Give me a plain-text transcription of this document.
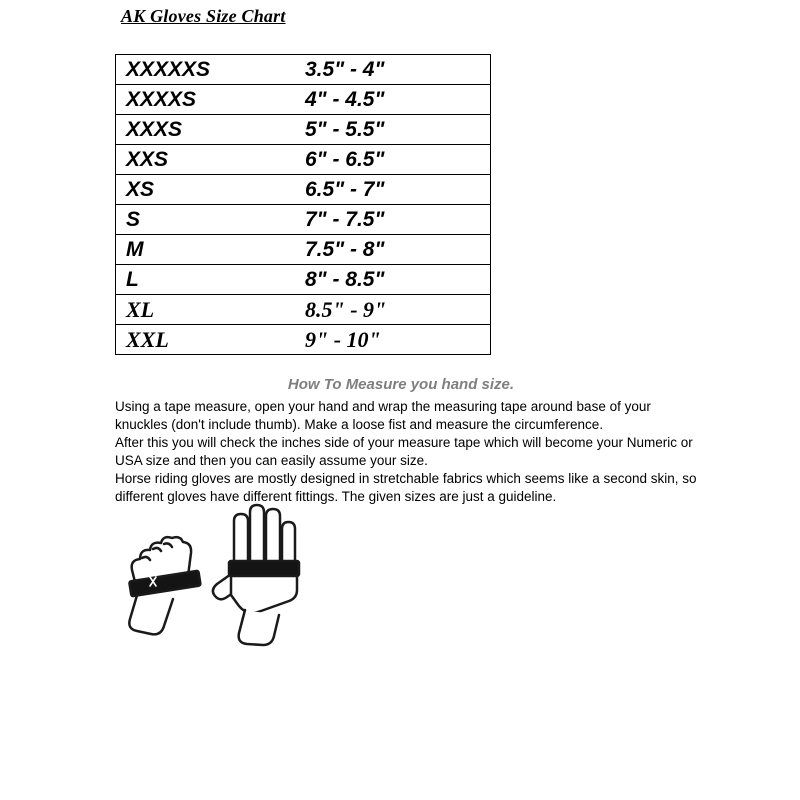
AK Gloves Size Chart
XXXXXS	3.5" - 4"
XXXXS	4" - 4.5"
XXXS	5" - 5.5"
XXS	6" - 6.5"
XS	6.5" - 7"
S	7" - 7.5"
M	7.5" - 8"
L	8" - 8.5"
XL	8.5" - 9"
XXL	9" - 10"
How To Measure you hand size.

Using a tape measure, open your hand and wrap the measuring tape around base of your knuckles (don't include thumb). Make a loose fist and measure the circumference.

After this you will check the inches side of your measure tape which will become your Numeric or USA size and then you can easily assume your size.

Horse riding gloves are mostly designed in stretchable fabrics which seems like a second skin, so different gloves have different fittings. The given sizes are just a guideline.
